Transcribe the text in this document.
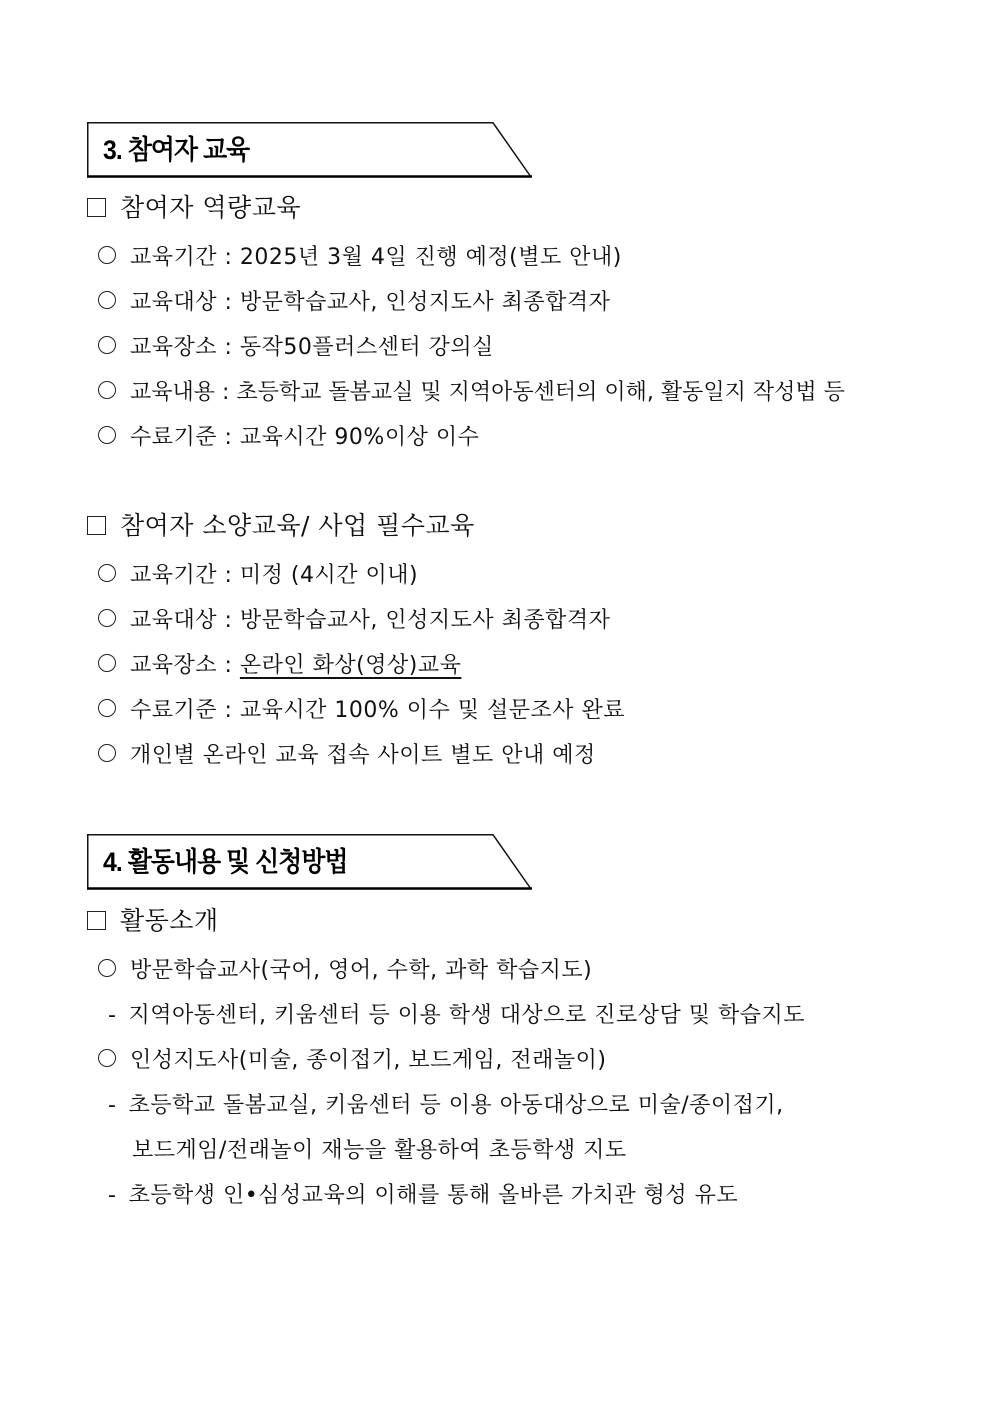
3. 참여자 교육
참여자 역량교육
교육기간 : 2025년 3월 4일 진행 예정(별도 안내)
교육대상 : 방문학습교사, 인성지도사 최종합격자
교육장소 : 동작50플러스센터 강의실
교육내용 : 초등학교 돌봄교실 및 지역아동센터의 이해, 활동일지 작성법 등
수료기준 : 교육시간 90%이상 이수
참여자 소양교육/ 사업 필수교육
교육기간 : 미정 (4시간 이내)
교육대상 : 방문학습교사, 인성지도사 최종합격자
교육장소 : 온라인 화상(영상)교육
수료기준 : 교육시간 100% 이수 및 설문조사 완료
개인별 온라인 교육 접속 사이트 별도 안내 예정
4. 활동내용 및 신청방법
활동소개
방문학습교사(국어, 영어, 수학, 과학 학습지도)
- 지역아동센터, 키움센터 등 이용 학생 대상으로 진로상담 및 학습지도
인성지도사(미술, 종이접기, 보드게임, 전래놀이)
- 초등학교 돌봄교실, 키움센터 등 이용 아동대상으로 미술/종이접기,
보드게임/전래놀이 재능을 활용하여 초등학생 지도
- 초등학생 인•심성교육의 이해를 통해 올바른 가치관 형성 유도
